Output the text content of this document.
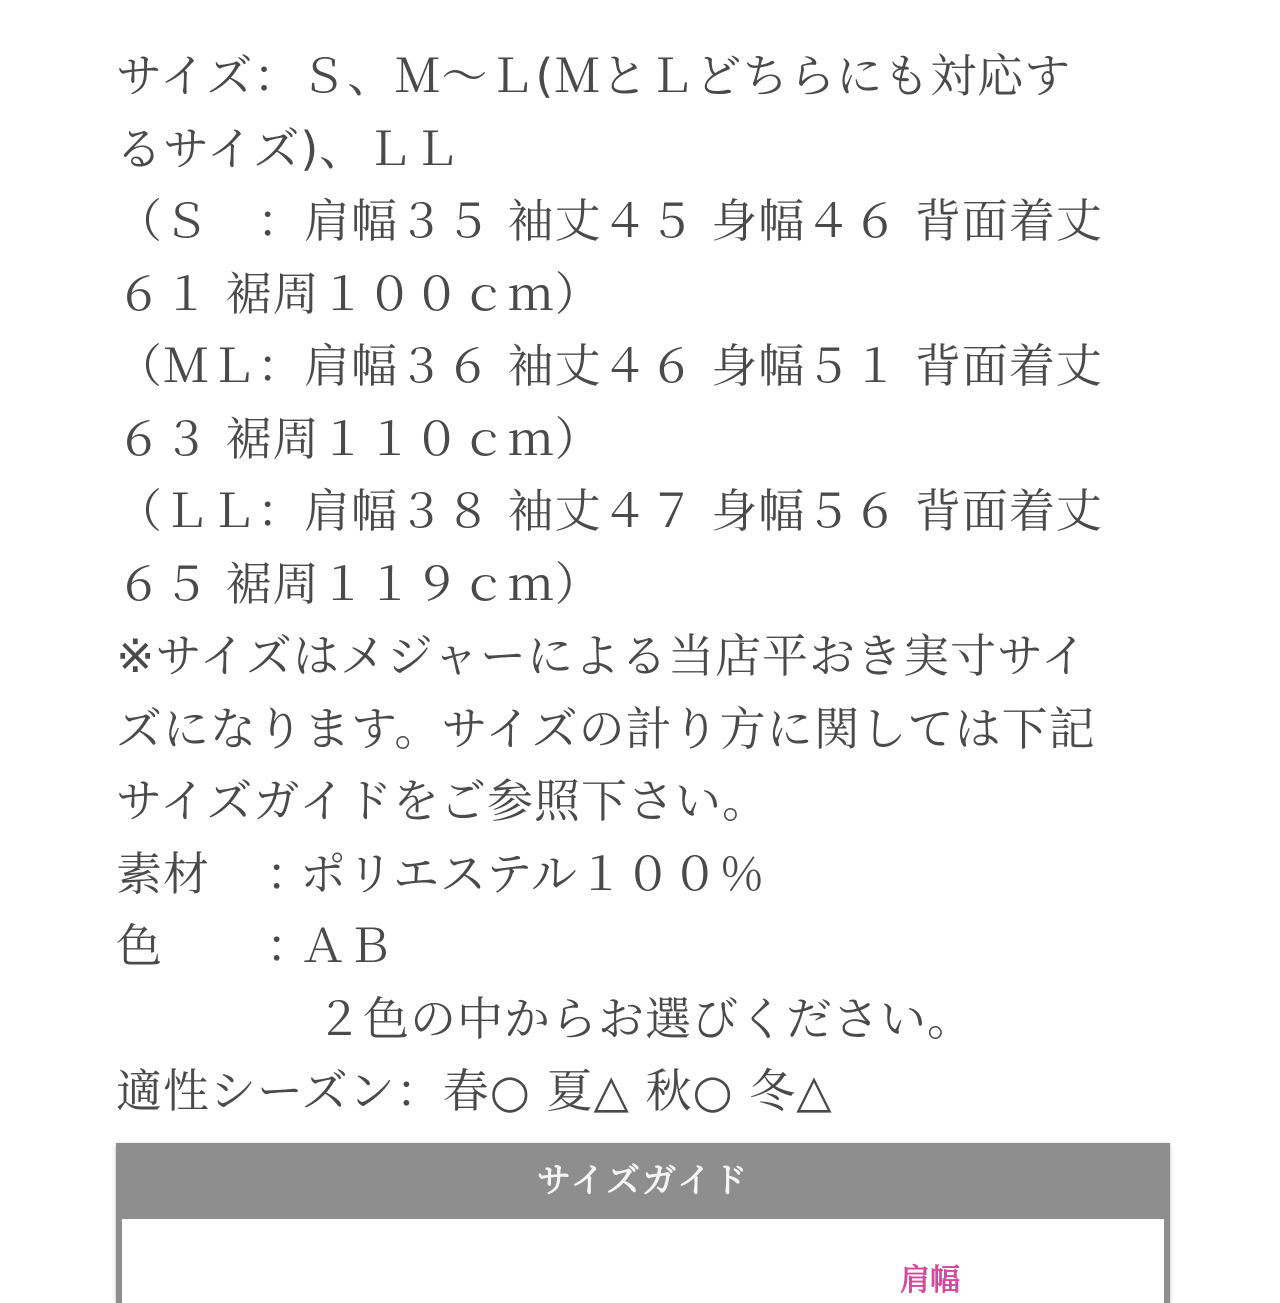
サイズ：Ｓ、Ｍ～Ｌ(ＭとＬどちらにも対応す
るサイズ)、ＬＬ
（Ｓ　：肩幅３５ 袖丈４５ 身幅４６ 背面着丈
６１ 裾周１００ｃｍ）
（ＭＬ：肩幅３６ 袖丈４６ 身幅５１ 背面着丈
６３ 裾周１１０ｃｍ）
（ＬＬ：肩幅３８ 袖丈４７ 身幅５６ 背面着丈
６５ 裾周１１９ｃｍ）
※サイズはメジャーによる当店平おき実寸サイ
ズになります。サイズの計り方に関しては下記
サイズガイドをご参照下さい。
素材	：
ポリエステル１００％
色	：
ＡＢ
２色の中からお選びください。
適性シーズン：春○ 夏△ 秋○ 冬△
サイズガイド
肩幅
